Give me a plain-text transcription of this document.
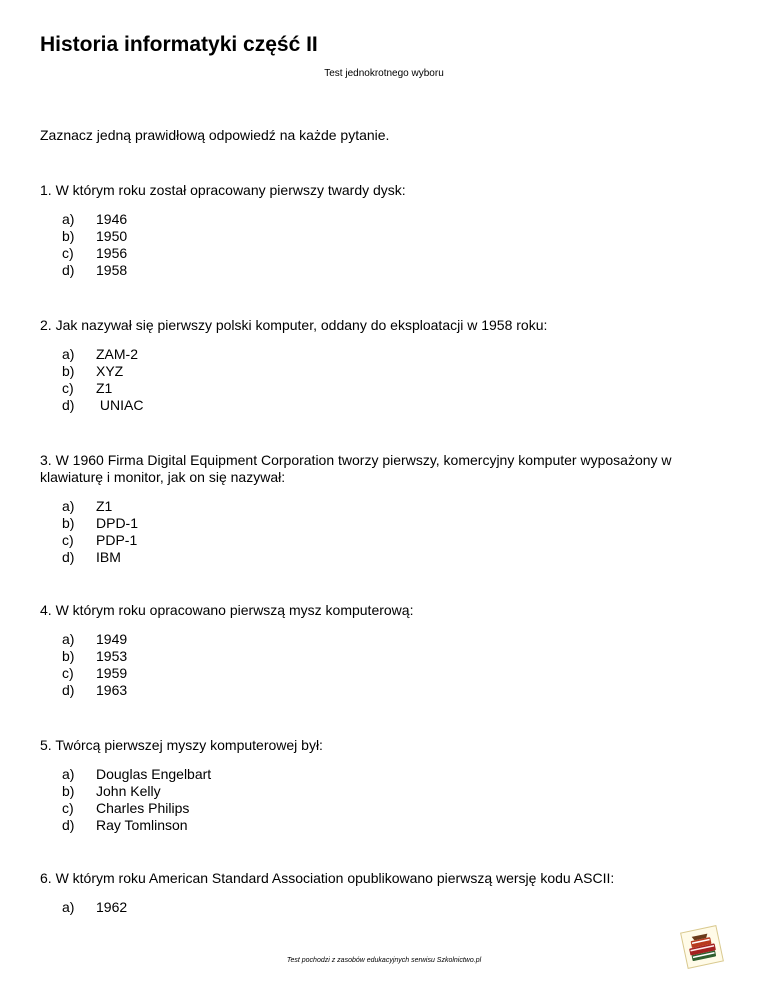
Historia informatyki część II
Test jednokrotnego wyboru
Zaznacz jedną prawidłową odpowiedź na każde pytanie.
1. W którym roku został opracowany pierwszy twardy dysk:
a) 1946
b) 1950
c) 1956
d) 1958
2. Jak nazywał się pierwszy polski komputer, oddany do eksploatacji w 1958 roku:
a) ZAM-2
b) XYZ
c) Z1
d) UNIAC
3. W 1960 Firma Digital Equipment Corporation tworzy pierwszy, komercyjny komputer wyposażony w klawiaturę i monitor, jak on się nazywał:
a) Z1
b) DPD-1
c) PDP-1
d) IBM
4. W którym roku opracowano pierwszą mysz komputerową:
a) 1949
b) 1953
c) 1959
d) 1963
5. Twórcą pierwszej myszy komputerowej był:
a) Douglas Engelbart
b) John Kelly
c) Charles Philips
d) Ray Tomlinson
6. W którym roku American Standard Association opublikowano pierwszą wersję kodu ASCII:
a) 1962
Test pochodzi z zasobów edukacyjnych serwisu Szkolnictwo.pl
